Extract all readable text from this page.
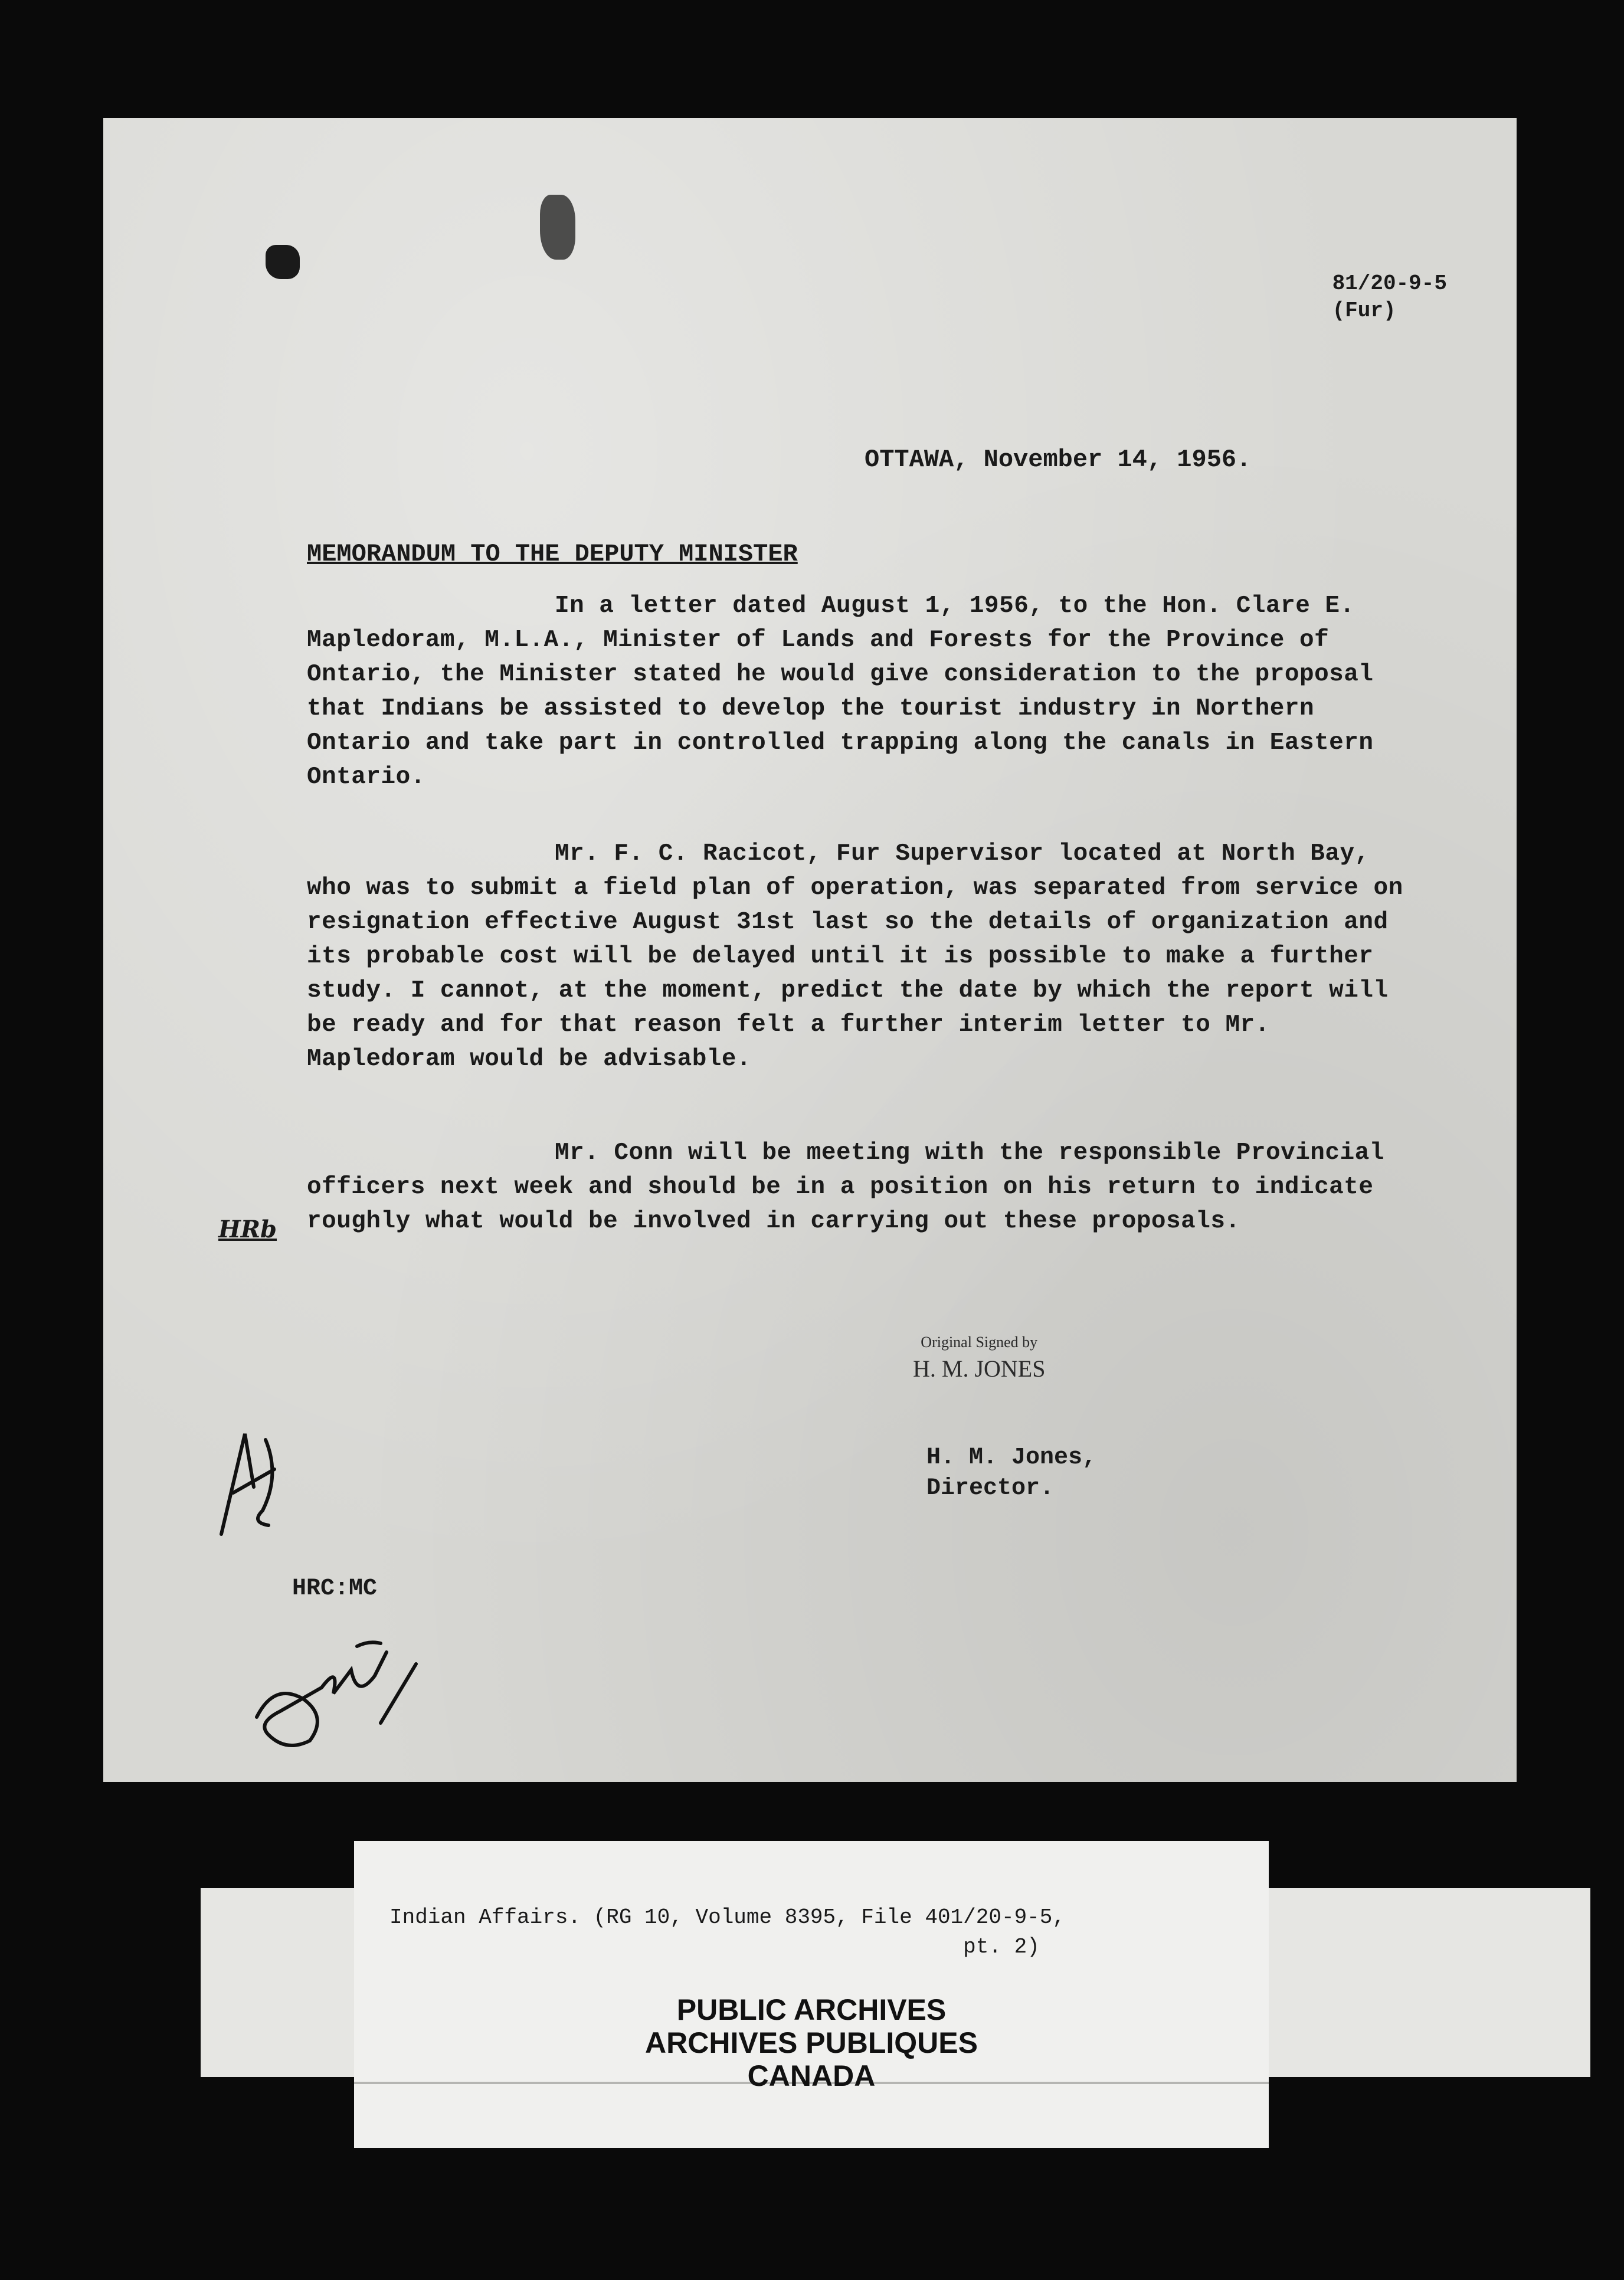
81/20-9-5
(Fur)
OTTAWA, November 14, 1956.
MEMORANDUM TO THE DEPUTY MINISTER

In a letter dated August 1, 1956, to the Hon. Clare E. Mapledoram, M.L.A., Minister of Lands and Forests for the Province of Ontario, the Minister stated he would give consideration to the proposal that Indians be assisted to develop the tourist industry in Northern Ontario and take part in controlled trapping along the canals in Eastern Ontario.

Mr. F. C. Racicot, Fur Supervisor located at North Bay, who was to submit a field plan of operation, was separated from service on resignation effective August 31st last so the details of organization and its probable cost will be delayed until it is possible to make a further study. I cannot, at the moment, predict the date by which the report will be ready and for that reason felt a further interim letter to Mr. Mapledoram would be advisable.

Mr. Conn will be meeting with the responsible Provincial officers next week and should be in a position on his return to indicate roughly what would be involved in carrying out these proposals.

HRb
Original Signed by
H. M. JONES
H. M. Jones,
Director.
HRC:MC
Indian Affairs. (RG 10, Volume 8395, File 401/20-9-5,
pt. 2)
PUBLIC ARCHIVES
ARCHIVES PUBLIQUES
CANADA
